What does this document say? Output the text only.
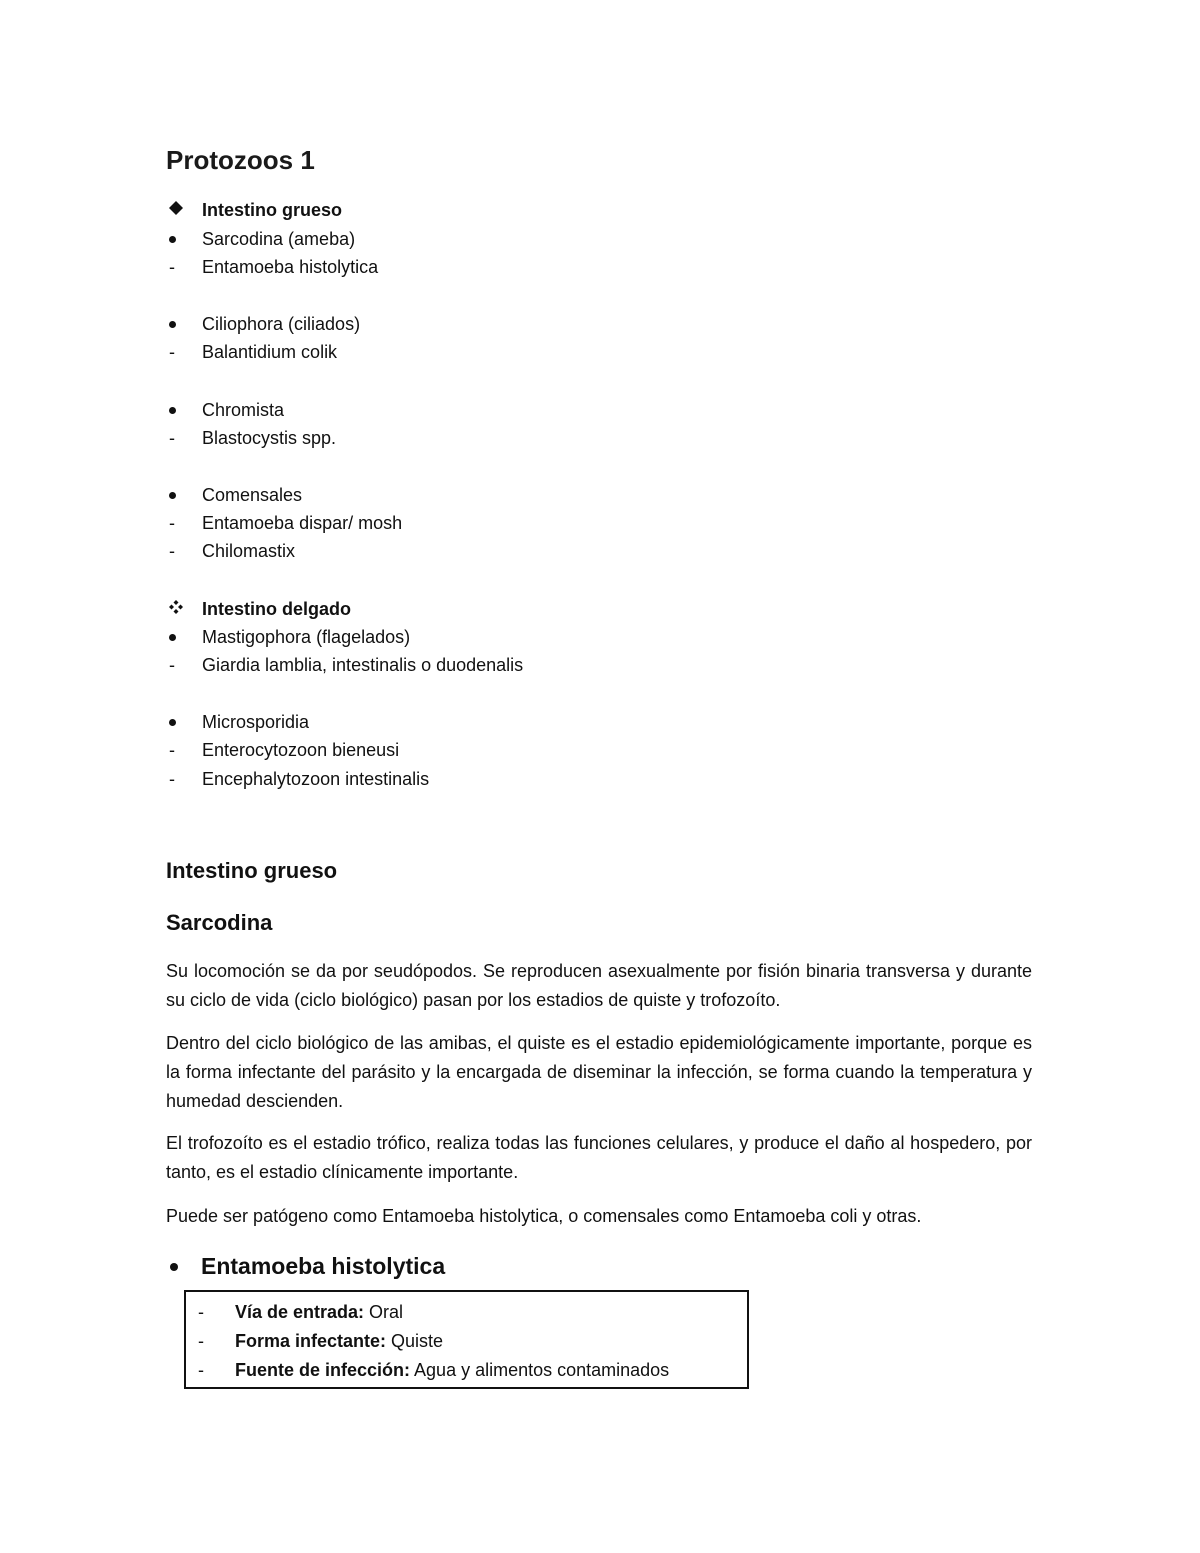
Protozoos 1
Intestino grueso
Sarcodina (ameba)
- Entamoeba histolytica
Ciliophora (ciliados)
- Balantidium colik
Chromista
- Blastocystis spp.
Comensales
- Entamoeba dispar/ mosh
- Chilomastix
Intestino delgado
Mastigophora (flagelados)
- Giardia lamblia, intestinalis o duodenalis
Microsporidia
- Enterocytozoon bieneusi
- Encephalytozoon intestinalis
Intestino grueso
Sarcodina
Su locomoción se da por seudópodos. Se reproducen asexualmente por fisión binaria transversa y durante su ciclo de vida (ciclo biológico) pasan por los estadios de quiste y trofozoíto.
Dentro del ciclo biológico de las amibas, el quiste es el estadio epidemiológicamente importante, porque es la forma infectante del parásito y la encargada de diseminar la infección, se forma cuando la temperatura y humedad descienden.
El trofozoíto es el estadio trófico, realiza todas las funciones celulares, y produce el daño al hospedero, por tanto, es el estadio clínicamente importante.
Puede ser patógeno como Entamoeba histolytica, o comensales como Entamoeba coli y otras.
Entamoeba histolytica
- Vía de entrada: Oral
- Forma infectante: Quiste
- Fuente de infección: Agua y alimentos contaminados
